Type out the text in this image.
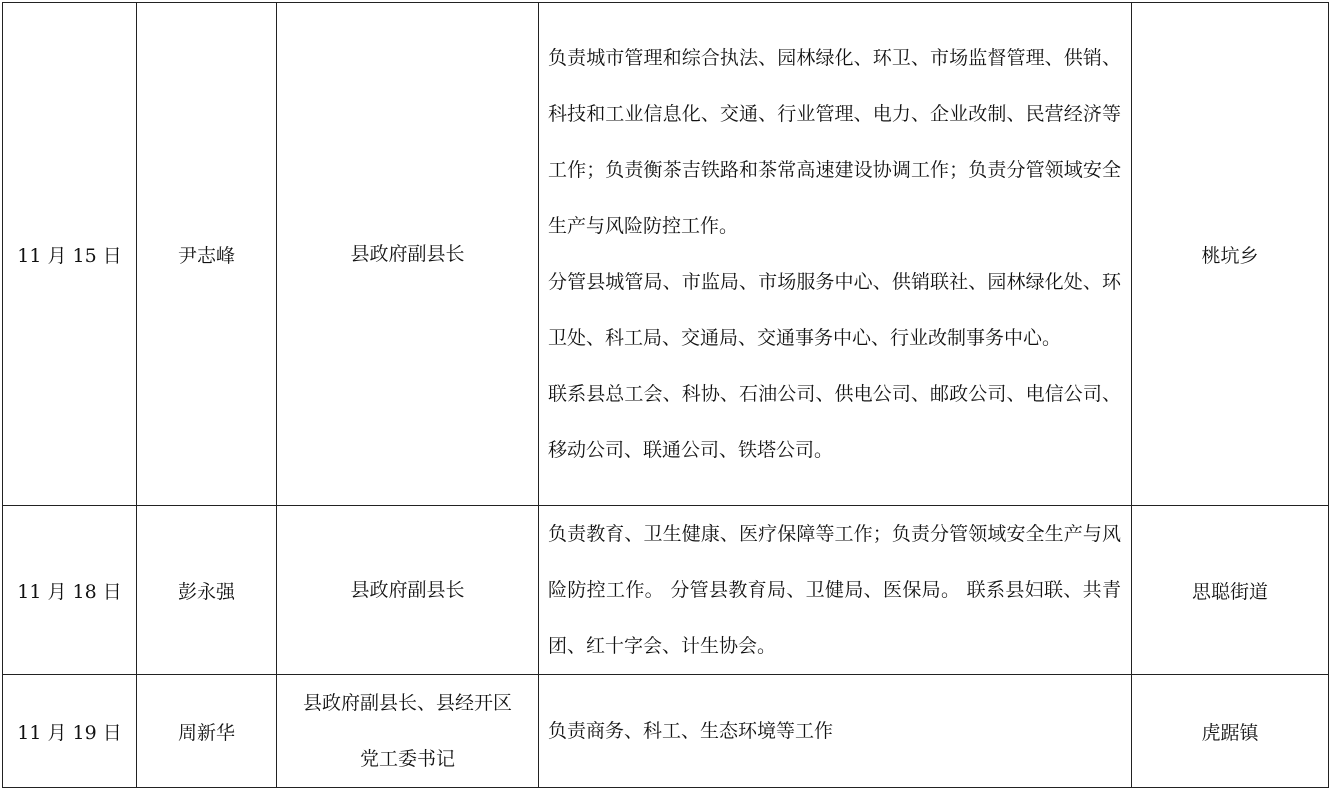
11 月 15 日	尹志峰	县政府副县长	负责城市管理和综合执法、园林绿化、环卫、市场监督管理、供销、科技和工业信息化、交通、行业管理、电力、企业改制、民营经济等工作；负责衡茶吉铁路和茶常高速建设协调工作；负责分管领域安全生产与风险防控工作。

分管县城管局、市监局、市场服务中心、供销联社、园林绿化处、环卫处、科工局、交通局、交通事务中心、行业改制事务中心。

联系县总工会、科协、石油公司、供电公司、邮政公司、电信公司、移动公司、联通公司、铁塔公司。	桃坑乡
11 月 18 日	彭永强	县政府副县长	负责教育、卫生健康、医疗保障等工作；负责分管领域安全生产与风险防控工作。 分管县教育局、卫健局、医保局。 联系县妇联、共青团、红十字会、计生协会。	思聪街道
11 月 19 日	周新华	县政府副县长、县经开区
党工委书记	负责商务、科工、生态环境等工作	虎踞镇
